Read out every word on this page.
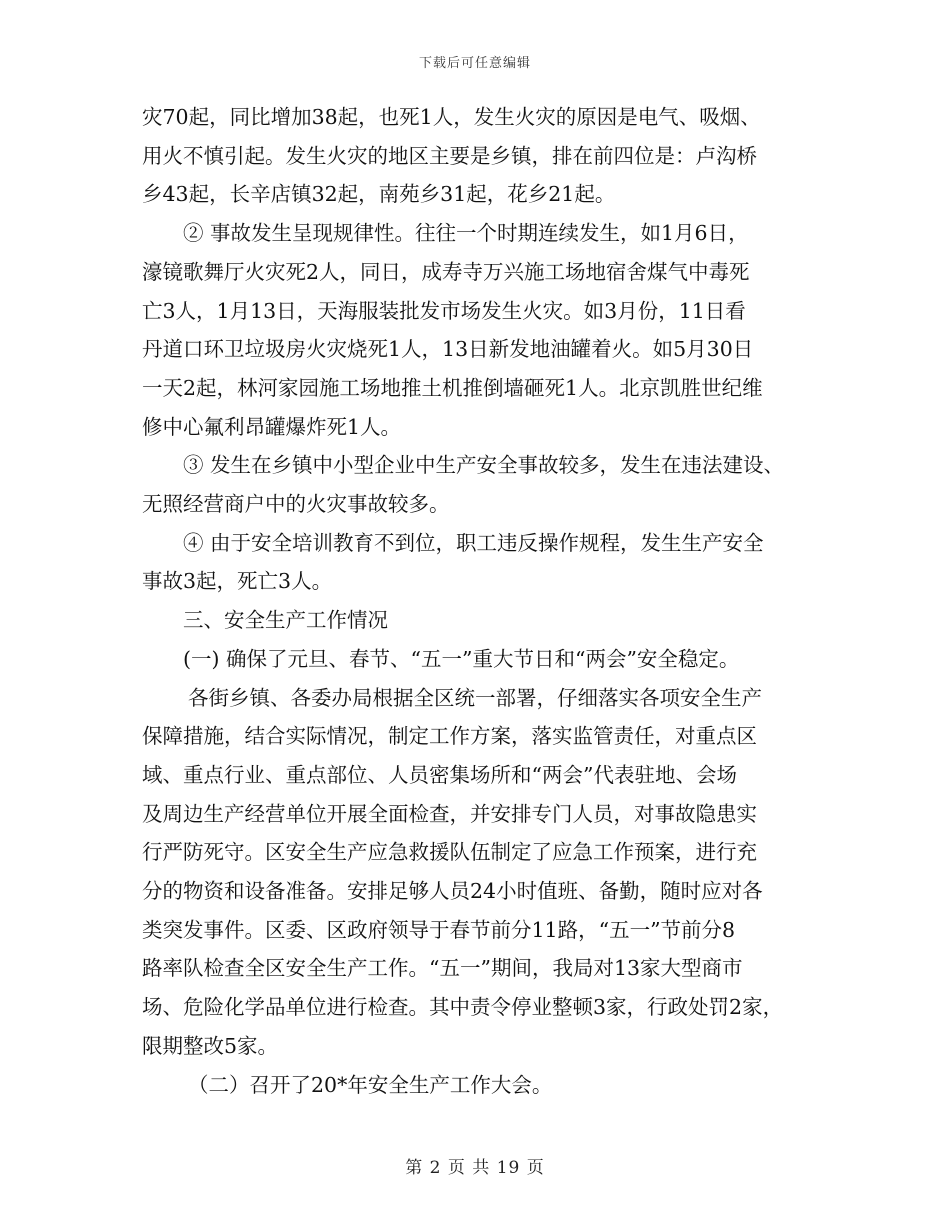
下载后可任意编辑

灾70起，同比增加38起，也死1人，发生火灾的原因是电气、吸烟、

用火不慎引起。发生火灾的地区主要是乡镇，排在前四位是：卢沟桥

乡43起，长辛店镇32起，南苑乡31起，花乡21起。

② 事故发生呈现规律性。往往一个时期连续发生，如1月6日，

濠镜歌舞厅火灾死2人，同日，成寿寺万兴施工场地宿舍煤气中毒死

亡3人，1月13日，天海服装批发市场发生火灾。如3月份，11日看

丹道口环卫垃圾房火灾烧死1人，13日新发地油罐着火。如5月30日

一天2起，林河家园施工场地推土机推倒墙砸死1人。北京凯胜世纪维

修中心氟利昂罐爆炸死1人。

③ 发生在乡镇中小型企业中生产安全事故较多，发生在违法建设、

无照经营商户中的火灾事故较多。

④ 由于安全培训教育不到位，职工违反操作规程，发生生产安全

事故3起，死亡3人。

三、安全生产工作情况

(一) 确保了元旦、春节、“五一”重大节日和“两会”安全稳定。

各街乡镇、各委办局根据全区统一部署，仔细落实各项安全生产

保障措施，结合实际情况，制定工作方案，落实监管责任，对重点区

域、重点行业、重点部位、人员密集场所和“两会”代表驻地、会场

及周边生产经营单位开展全面检查，并安排专门人员，对事故隐患实

行严防死守。区安全生产应急救援队伍制定了应急工作预案，进行充

分的物资和设备准备。安排足够人员24小时值班、备勤，随时应对各

类突发事件。区委、区政府领导于春节前分11路，“五一”节前分8

路率队检查全区安全生产工作。“五一”期间，我局对13家大型商市

场、危险化学品单位进行检查。其中责令停业整顿3家，行政处罚2家，

限期整改5家。

（二）召开了20*年安全生产工作大会。

第 2 页 共 19 页
